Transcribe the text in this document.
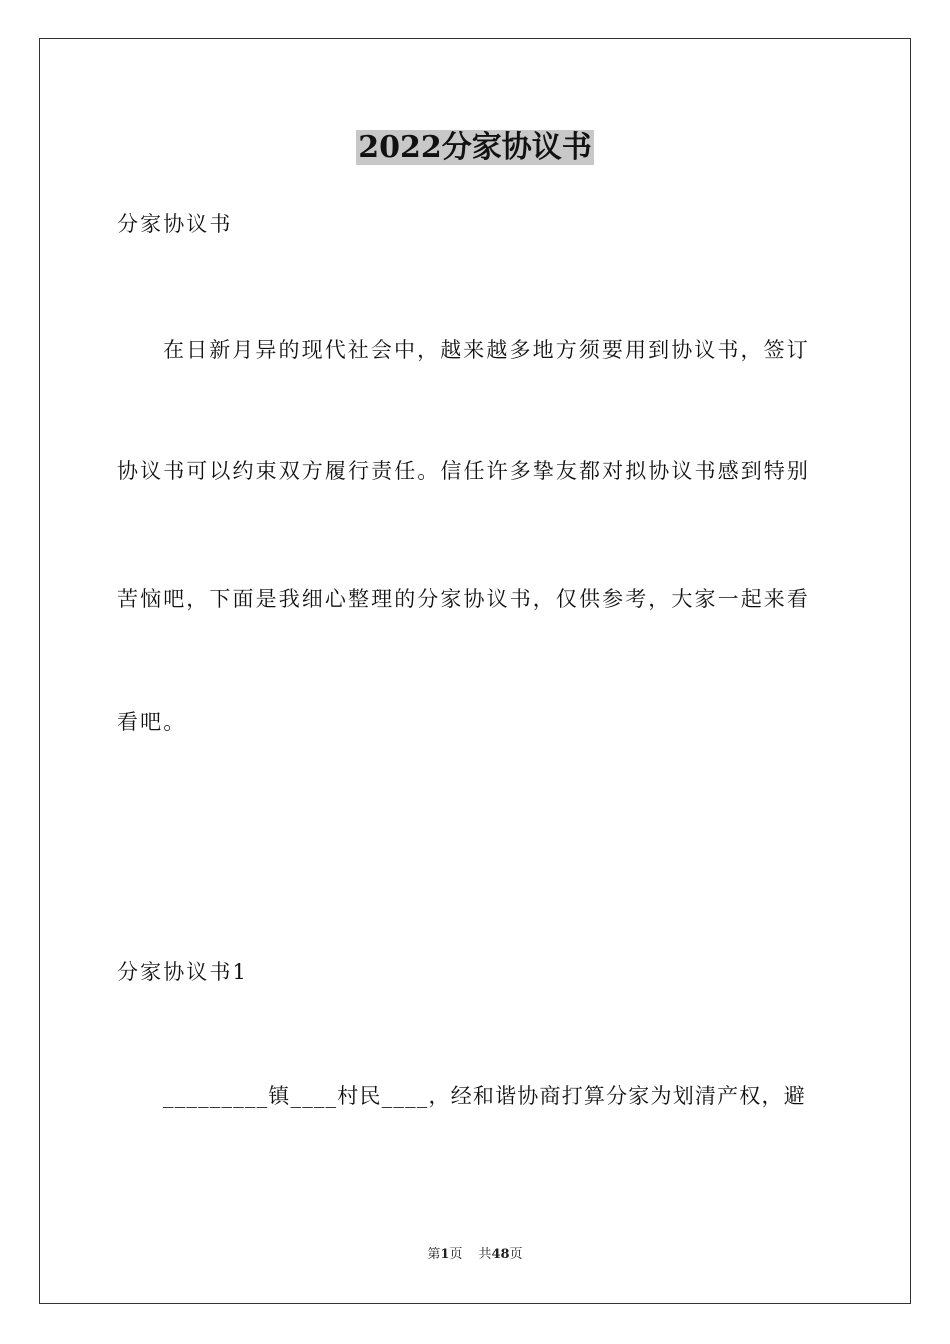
2022分家协议书

分家协议书

在日新月异的现代社会中，越来越多地方须要用到协议书，签订

协议书可以约束双方履行责任。信任许多挚友都对拟协议书感到特别

苦恼吧，下面是我细心整理的分家协议书，仅供参考，大家一起来看

看吧。

分家协议书1

_________镇____村民____，经和谐协商打算分家为划清产权，避

第1页 共48页
